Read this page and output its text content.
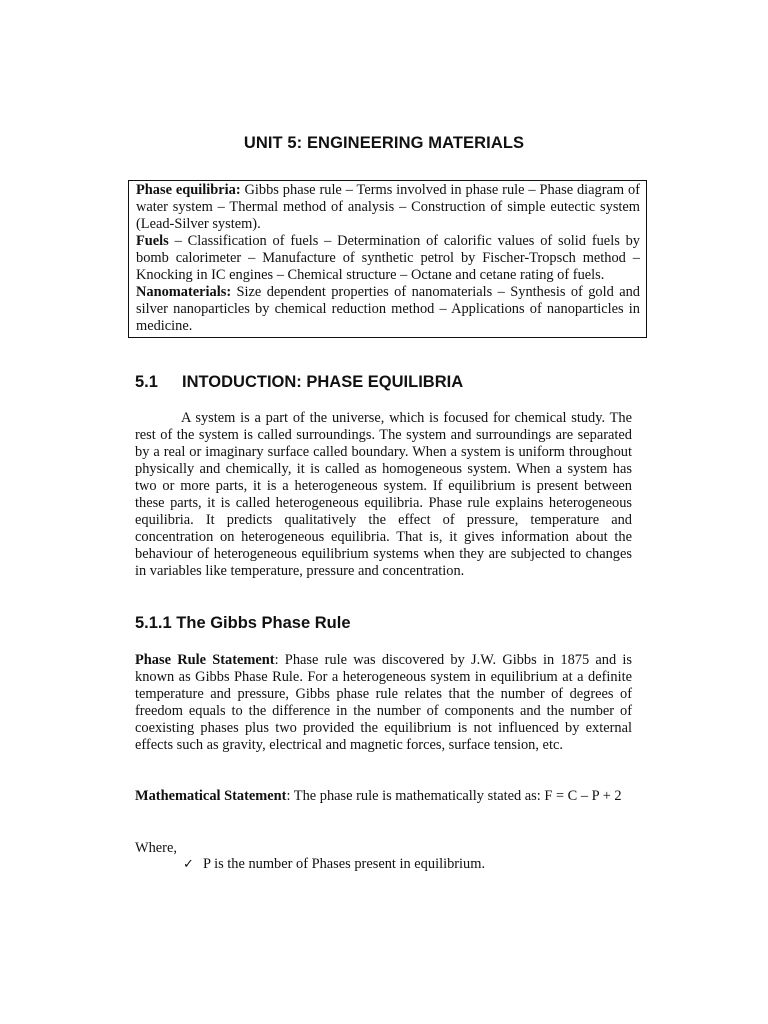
UNIT 5: ENGINEERING MATERIALS

Phase equilibria: Gibbs phase rule – Terms involved in phase rule – Phase diagram of water system – Thermal method of analysis – Construction of simple eutectic system (Lead-Silver system).

Fuels – Classification of fuels – Determination of calorific values of solid fuels by bomb calorimeter – Manufacture of synthetic petrol by Fischer-Tropsch method – Knocking in IC engines – Chemical structure – Octane and cetane rating of fuels.

Nanomaterials: Size dependent properties of nanomaterials – Synthesis of gold and silver nanoparticles by chemical reduction method – Applications of nanoparticles in medicine.

5.1 INTODUCTION: PHASE EQUILIBRIA

A system is a part of the universe, which is focused for chemical study. The rest of the system is called surroundings. The system and surroundings are separated by a real or imaginary surface called boundary. When a system is uniform throughout physically and chemically, it is called as homogeneous system. When a system has two or more parts, it is a heterogeneous system. If equilibrium is present between these parts, it is called heterogeneous equilibria. Phase rule explains heterogeneous equilibria. It predicts qualitatively the effect of pressure, temperature and concentration on heterogeneous equilibria. That is, it gives information about the behaviour of heterogeneous equilibrium systems when they are subjected to changes in variables like temperature, pressure and concentration.

5.1.1 The Gibbs Phase Rule

Phase Rule Statement: Phase rule was discovered by J.W. Gibbs in 1875 and is known as Gibbs Phase Rule. For a heterogeneous system in equilibrium at a definite temperature and pressure, Gibbs phase rule relates that the number of degrees of freedom equals to the difference in the number of components and the number of coexisting phases plus two provided the equilibrium is not influenced by external effects such as gravity, electrical and magnetic forces, surface tension, etc.

Mathematical Statement: The phase rule is mathematically stated as: F = C – P + 2

Where,

✓ P is the number of Phases present in equilibrium.
